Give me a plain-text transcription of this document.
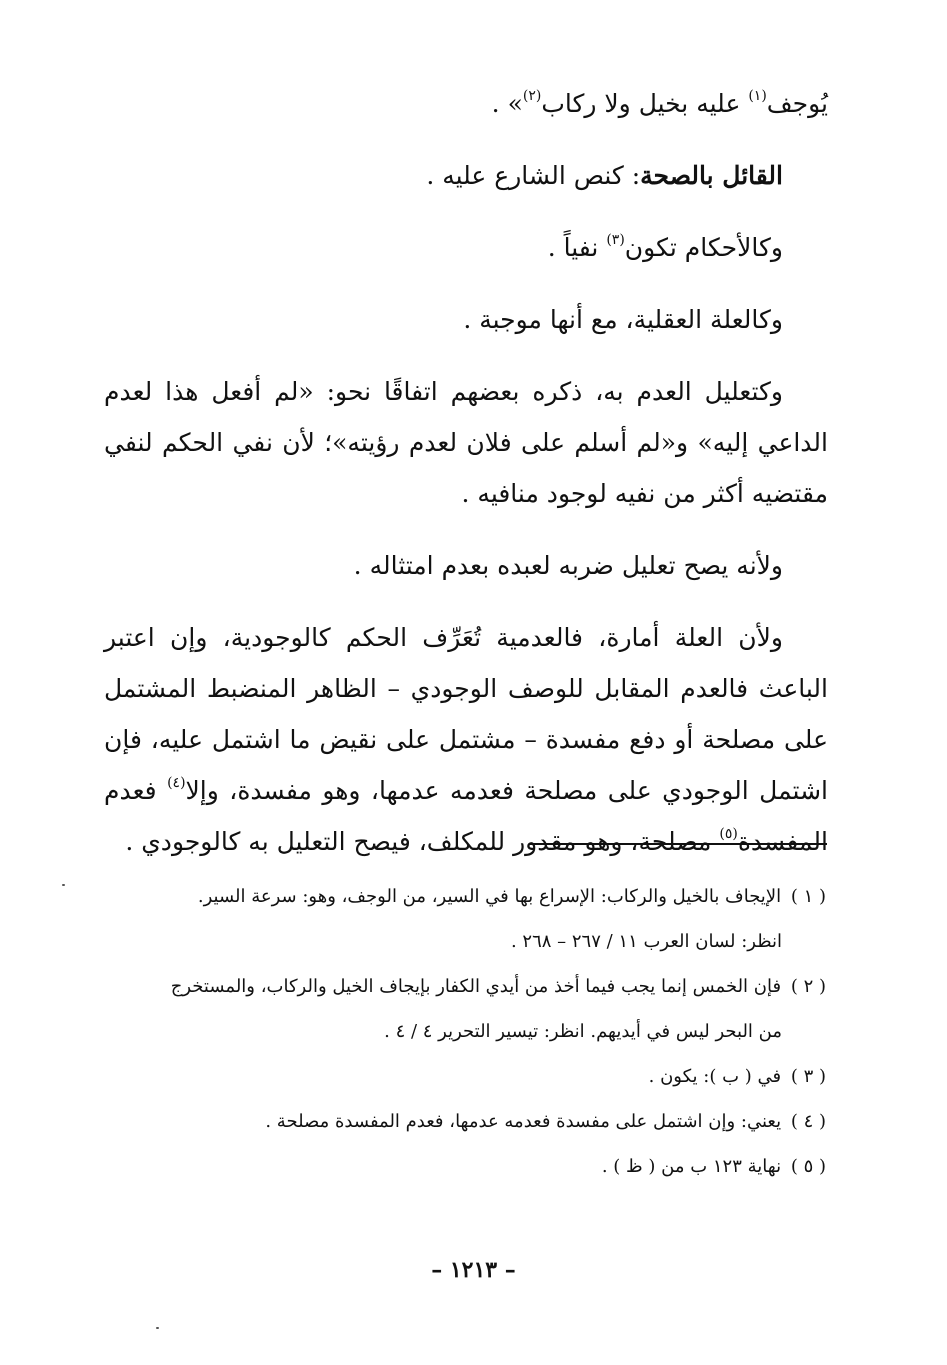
يُوجف$^{(١)}$ عليه بخيل ولا ركاب$^{(٢)}$» .

القائل بالصحة: كنص الشارع عليه .

وكالأحكام تكون$^{(٣)}$ نفياً .

وكالعلة العقلية، مع أنها موجبة .

وكتعليل العدم به، ذكره بعضهم اتفاقًا نحو: «لم أفعل هذا لعدم الداعي إليه» و«لم أسلم على فلان لعدم رؤيته»؛ لأن نفي الحكم لنفي مقتضيه أكثر من نفيه لوجود منافيه .

ولأنه يصح تعليل ضربه لعبده بعدم امتثاله .

ولأن العلة أمارة، فالعدمية تُعَرِّف الحكم كالوجودية، وإن اعتبر الباعث فالعدم المقابل للوصف الوجودي – الظاهر المنضبط المشتمل على مصلحة أو دفع مفسدة – مشتمل على نقيض ما اشتمل عليه، فإن اشتمل الوجودي على مصلحة فعدمه عدمها، وهو مفسدة، وإلا$^{(٤)}$ فعدم المفسدة$^{(٥)}$ مصلحة، وهو مقدور للمكلف، فيصح التعليل به كالوجودي .

( ١ ) الإيجاف بالخيل والركاب: الإسراع بها في السير، من الوجف، وهو: سرعة السير.
انظر: لسان العرب ١١ / ٢٦٧ – ٢٦٨ .

( ٢ ) فإن الخمس إنما يجب فيما أخذ من أيدي الكفار بإيجاف الخيل والركاب، والمستخرج
من البحر ليس في أيديهم. انظر: تيسير التحرير ٤ / ٤ .

( ٣ ) في ( ب ): يكون .

( ٤ ) يعني: وإن اشتمل على مفسدة فعدمه عدمها، فعدم المفسدة مصلحة .

( ٥ ) نهاية ١٢٣ ب من ( ظ ) .

– ١٢١٣ –
